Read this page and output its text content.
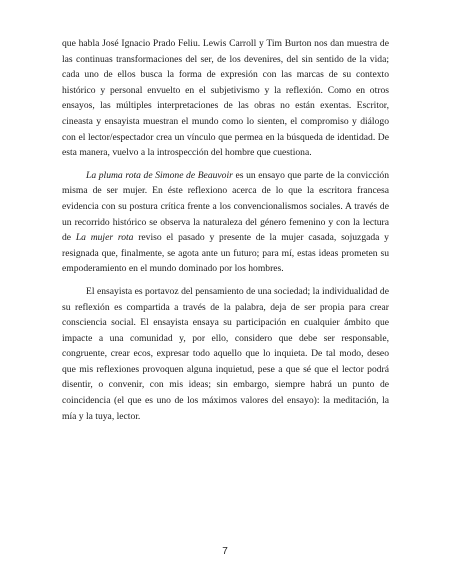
que habla José Ignacio Prado Feliu. Lewis Carroll y Tim Burton nos dan muestra de las continuas transformaciones del ser, de los devenires, del sin sentido de la vida; cada uno de ellos busca la forma de expresión con las marcas de su contexto histórico y personal envuelto en el subjetivismo y la reflexión. Como en otros ensayos, las múltiples interpretaciones de las obras no están exentas. Escritor, cineasta y ensayista muestran el mundo como lo sienten, el compromiso y diálogo con el lector/espectador crea un vínculo que permea en la búsqueda de identidad. De esta manera, vuelvo a la introspección del hombre que cuestiona.

La pluma rota de Simone de Beauvoir es un ensayo que parte de la convicción misma de ser mujer. En éste reflexiono acerca de lo que la escritora francesa evidencia con su postura crítica frente a los convencionalismos sociales. A través de un recorrido histórico se observa la naturaleza del género femenino y con la lectura de La mujer rota reviso el pasado y presente de la mujer casada, sojuzgada y resignada que, finalmente, se agota ante un futuro; para mí, estas ideas prometen su empoderamiento en el mundo dominado por los hombres.

El ensayista es portavoz del pensamiento de una sociedad; la individualidad de su reflexión es compartida a través de la palabra, deja de ser propia para crear consciencia social. El ensayista ensaya su participación en cualquier ámbito que impacte a una comunidad y, por ello, considero que debe ser responsable, congruente, crear ecos, expresar todo aquello que lo inquieta. De tal modo, deseo que mis reflexiones provoquen alguna inquietud, pese a que sé que el lector podrá disentir, o convenir, con mis ideas; sin embargo, siempre habrá un punto de coincidencia (el que es uno de los máximos valores del ensayo): la meditación, la mía y la tuya, lector.

7
